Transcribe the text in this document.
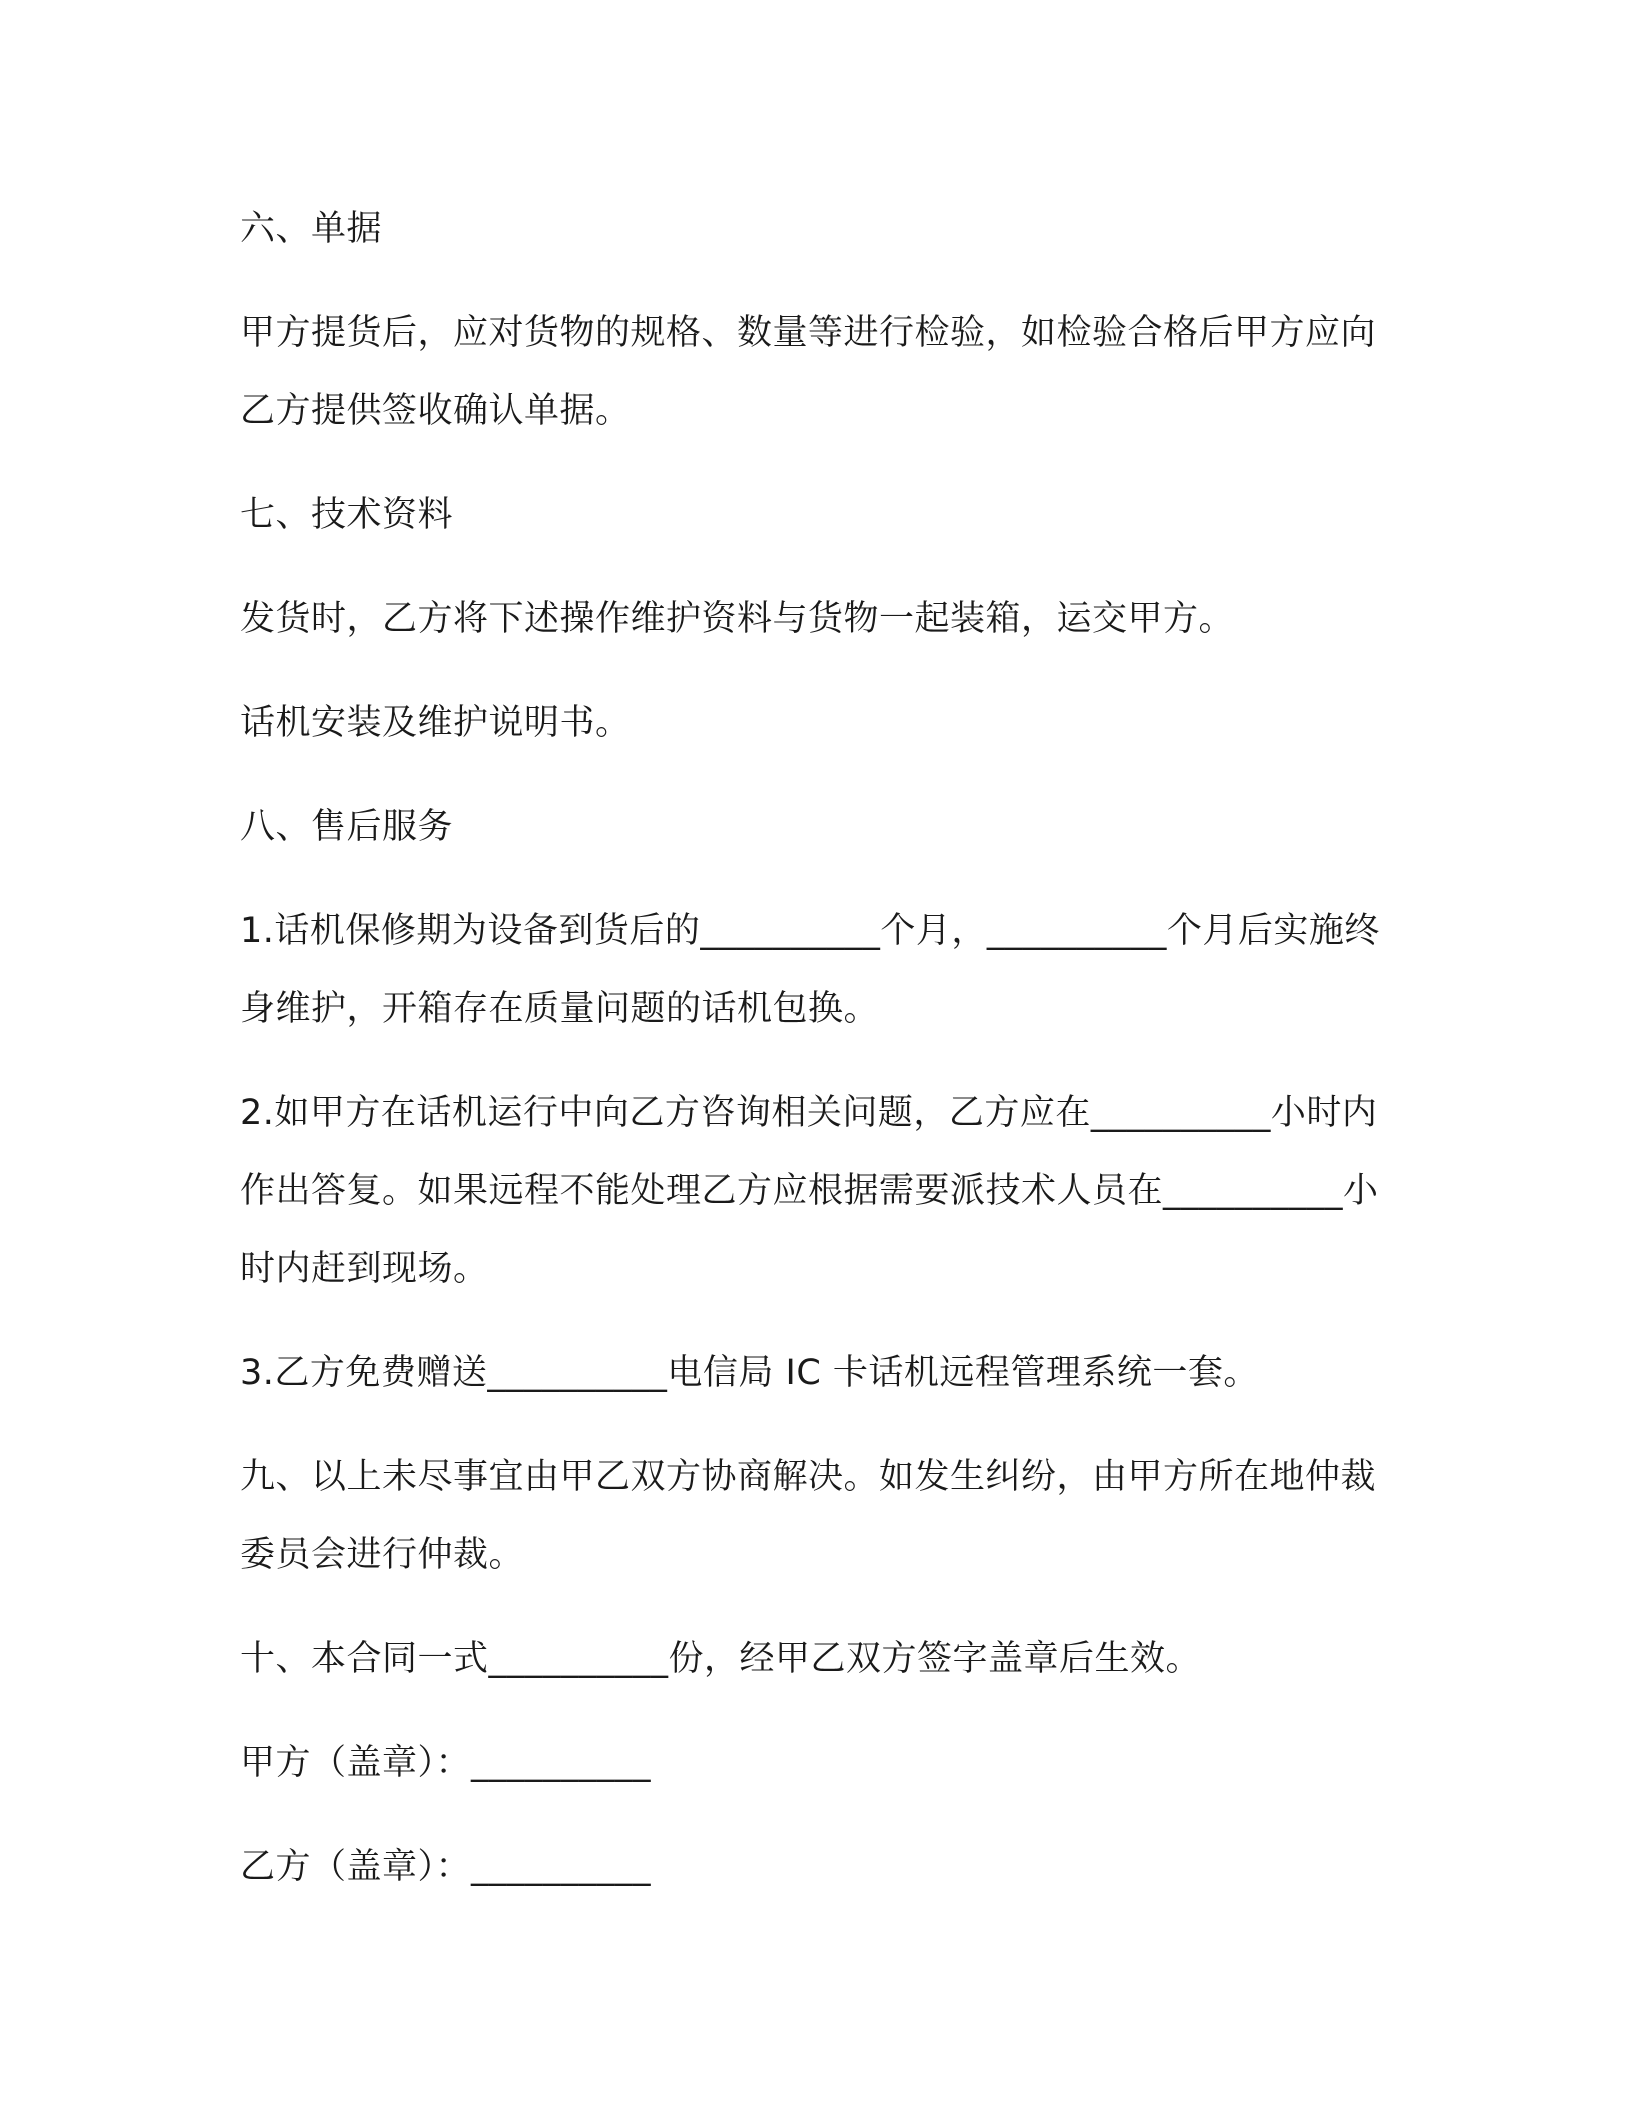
六、单据

甲方提货后，应对货物的规格、数量等进行检验，如检验合格后甲方应向乙方提供签收确认单据。

七、技术资料

发货时，乙方将下述操作维护资料与货物一起装箱，运交甲方。

话机安装及维护说明书。

八、售后服务

1.话机保修期为设备到货后的__________个月，__________个月后实施终身维护，开箱存在质量问题的话机包换。

2.如甲方在话机运行中向乙方咨询相关问题，乙方应在__________小时内作出答复。如果远程不能处理乙方应根据需要派技术人员在__________小时内赶到现场。

3.乙方免费赠送__________电信局 IC 卡话机远程管理系统一套。

九、以上未尽事宜由甲乙双方协商解决。如发生纠纷，由甲方所在地仲裁委员会进行仲裁。

十、本合同一式__________份，经甲乙双方签字盖章后生效。

甲方（盖章）：__________

乙方（盖章）：__________
